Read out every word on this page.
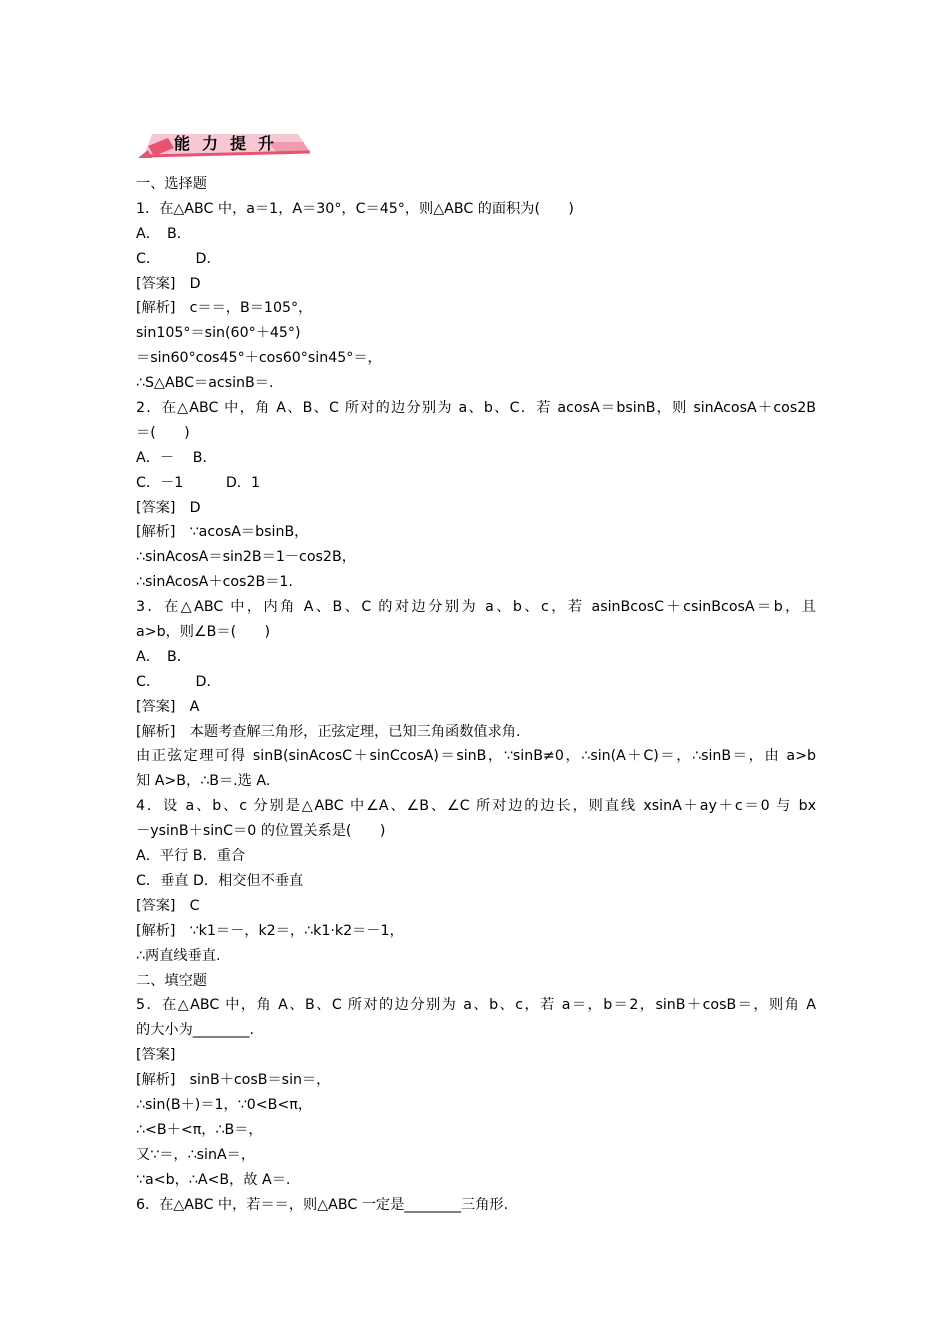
能力提升
一、选择题
1．在△ABC 中，a＝1，A＝30°，C＝45°，则△ABC 的面积为(　　)
A．　B．
C．　　　D．
[答案]　D
[解析]　c＝＝，B＝105°，
sin105°＝sin(60°＋45°)
＝sin60°cos45°＋cos60°sin45°＝，
∴S△ABC＝acsinB＝.
2．在△ABC 中，角 A、B、C 所对的边分别为 a、b、C．若 acosA＝bsinB，则 sinAcosA＋cos2B
＝(　　)
A．－　 B．
C．－1　　　D．1
[答案]　D
[解析]　∵acosA＝bsinB，
∴sinAcosA＝sin2B＝1－cos2B，
∴sinAcosA＋cos2B＝1.
3．在△ABC 中，内角 A、B、C 的对边分别为 a、b、c，若 asinBcosC＋csinBcosA＝b，且
a>b，则∠B＝(　　)
A．　B．
C．　　　D．
[答案]　A
[解析]　本题考查解三角形，正弦定理，已知三角函数值求角.
由正弦定理可得 sinB(sinAcosC＋sinCcosA)＝sinB，∵sinB≠0，∴sin(A＋C)＝，∴sinB＝，由 a>b
知 A>B，∴B＝.选 A.
4．设 a、b、c 分别是△ABC 中∠A、∠B、∠C 所对边的边长，则直线 xsinA＋ay＋c＝0 与 bx
－ysinB＋sinC＝0 的位置关系是(　　)
A．平行 B．重合
C．垂直 D．相交但不垂直
[答案]　C
[解析]　∵k1＝－，k2＝，∴k1·k2＝－1，
∴两直线垂直.
二、填空题
5．在△ABC 中，角 A、B、C 所对的边分别为 a、b、c，若 a＝，b＝2，sinB＋cosB＝，则角 A
的大小为________.
[答案]
[解析]　sinB＋cosB＝sin＝，
∴sin(B＋)＝1，∵0<B<π，
∴<B＋<π，∴B＝，
又∵＝，∴sinA＝，
∵a<b，∴A<B，故 A＝.
6．在△ABC 中，若＝＝，则△ABC 一定是________三角形.
